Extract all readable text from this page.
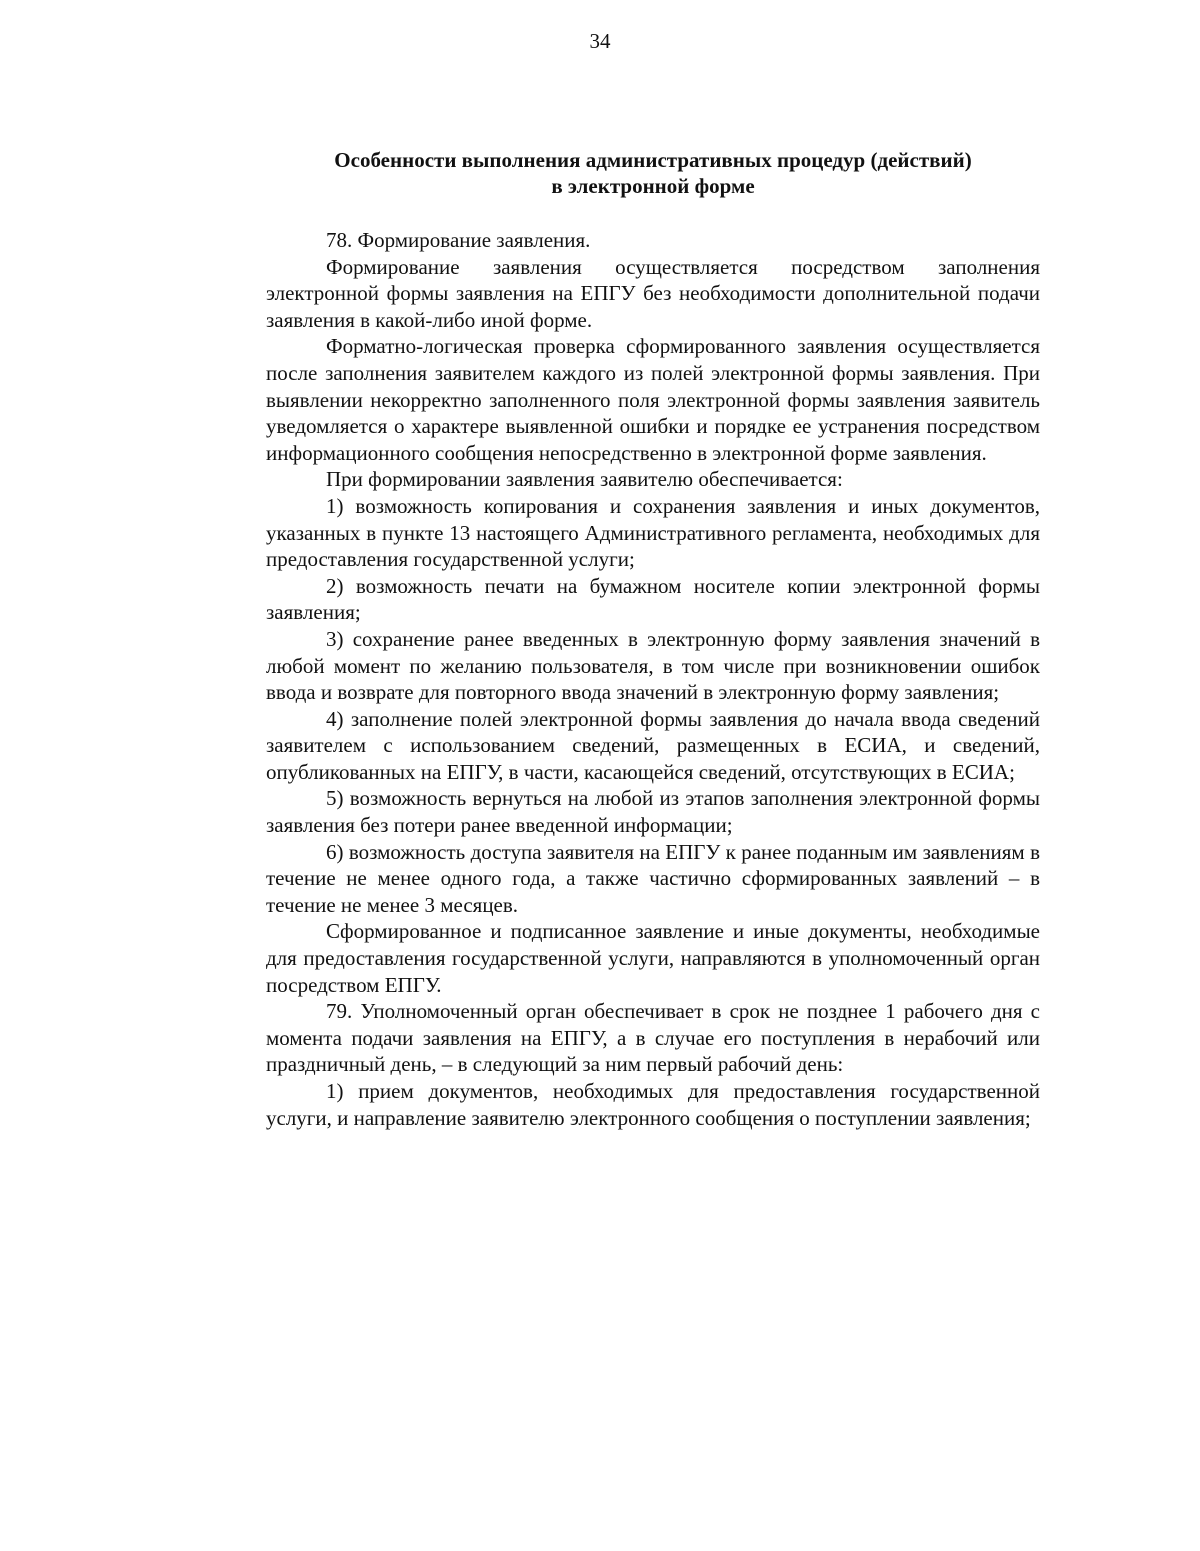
34
Особенности выполнения административных процедур (действий)
в электронной форме

78. Формирование заявления.

Формирование заявления осуществляется посредством заполнения электронной формы заявления на ЕПГУ без необходимости дополнительной подачи заявления в какой-либо иной форме.

Форматно-логическая проверка сформированного заявления осуществляется после заполнения заявителем каждого из полей электронной формы заявления. При выявлении некорректно заполненного поля электронной формы заявления заявитель уведомляется о характере выявленной ошибки и порядке ее устранения посредством информационного сообщения непосредственно в электронной форме заявления.

При формировании заявления заявителю обеспечивается:

1) возможность копирования и сохранения заявления и иных документов, указанных в пункте 13 настоящего Административного регламента, необходимых для предоставления государственной услуги;

2) возможность печати на бумажном носителе копии электронной формы заявления;

3) сохранение ранее введенных в электронную форму заявления значений в любой момент по желанию пользователя, в том числе при возникновении ошибок ввода и возврате для повторного ввода значений в электронную форму заявления;

4) заполнение полей электронной формы заявления до начала ввода сведений заявителем с использованием сведений, размещенных в ЕСИА, и сведений, опубликованных на ЕПГУ, в части, касающейся сведений, отсутствующих в ЕСИА;

5) возможность вернуться на любой из этапов заполнения электронной формы заявления без потери ранее введенной информации;

6) возможность доступа заявителя на ЕПГУ к ранее поданным им заявлениям в течение не менее одного года, а также частично сформированных заявлений – в течение не менее 3 месяцев.

Сформированное и подписанное заявление и иные документы, необходимые для предоставления государственной услуги, направляются в уполномоченный орган посредством ЕПГУ.

79. Уполномоченный орган обеспечивает в срок не позднее 1 рабочего дня с момента подачи заявления на ЕПГУ, а в случае его поступления в нерабочий или праздничный день, – в следующий за ним первый рабочий день:

1) прием документов, необходимых для предоставления государственной услуги, и направление заявителю электронного сообщения о поступлении заявления;
